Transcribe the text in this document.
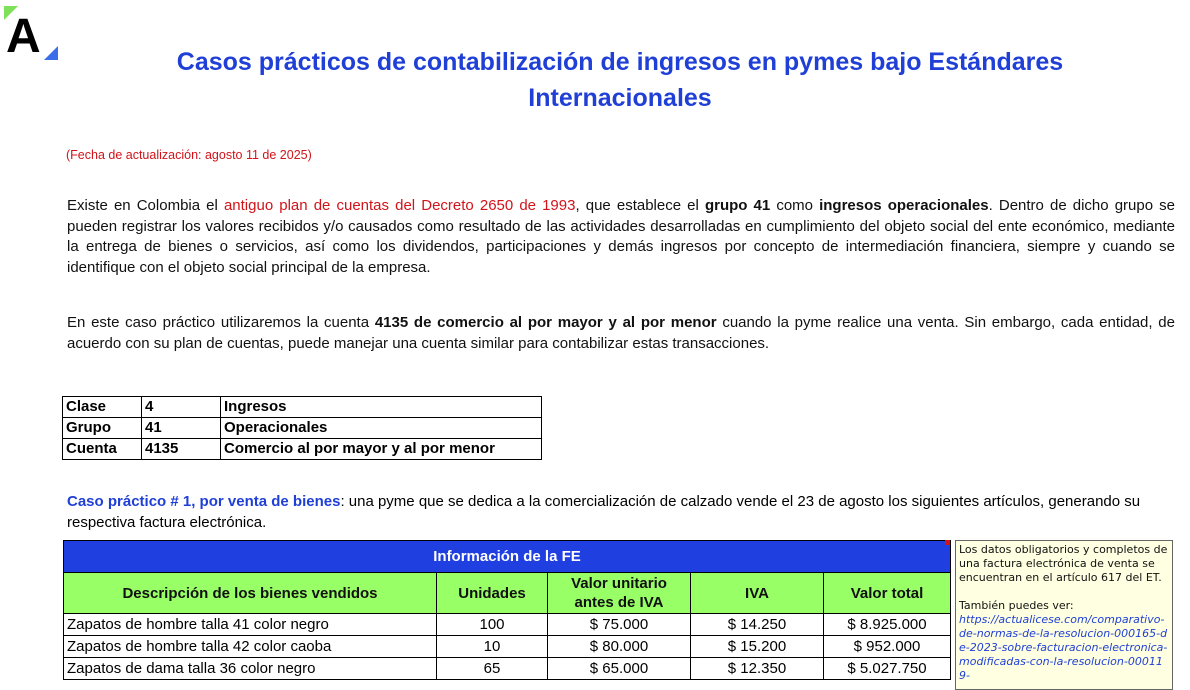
A	Casos prácticos de contabilización de ingresos en pymes bajo Estándares Internacionales
(Fecha de actualización: agosto 11 de 2025)
Existe en Colombia el antiguo plan de cuentas del Decreto 2650 de 1993, que establece el grupo 41 como ingresos operacionales. Dentro de dicho grupo se pueden registrar los valores recibidos y/o causados como resultado de las actividades desarrolladas en cumplimiento del objeto social del ente económico, mediante la entrega de bienes o servicios, así como los dividendos, participaciones y demás ingresos por concepto de intermediación financiera, siempre y cuando se identifique con el objeto social principal de la empresa.
En este caso práctico utilizaremos la cuenta 4135 de comercio al por mayor y al por menor cuando la pyme realice una venta. Sin embargo, cada entidad, de acuerdo con su plan de cuentas, puede manejar una cuenta similar para contabilizar estas transacciones.
Clase	4	Ingresos
Grupo	41	Operacionales
Cuenta	4135	Comercio al por mayor y al por menor
Caso práctico # 1, por venta de bienes: una pyme que se dedica a la comercialización de calzado vende el 23 de agosto los siguientes artículos, generando su respectiva factura electrónica.
Información de la FE				
Descripción de los bienes vendidos	Unidades	Valor unitario antes de IVA	IVA	Valor total
Zapatos de hombre talla 41 color negro	100	$ 75.000	$ 14.250	$ 8.925.000
Zapatos de hombre talla 42 color caoba	10	$ 80.000	$ 15.200	$ 952.000
Zapatos de dama talla 36 color negro	65	$ 65.000	$ 12.350	$ 5.027.750

Los datos obligatorios y completos de una factura electrónica de venta se encuentran en el artículo 617 del ET.

También puedes ver:

https://actualicese.com/comparativo-de-normas-de-la-resolucion-000165-de-2023-sobre-facturacion-electronica-modificadas-con-la-resolucion-000119-
